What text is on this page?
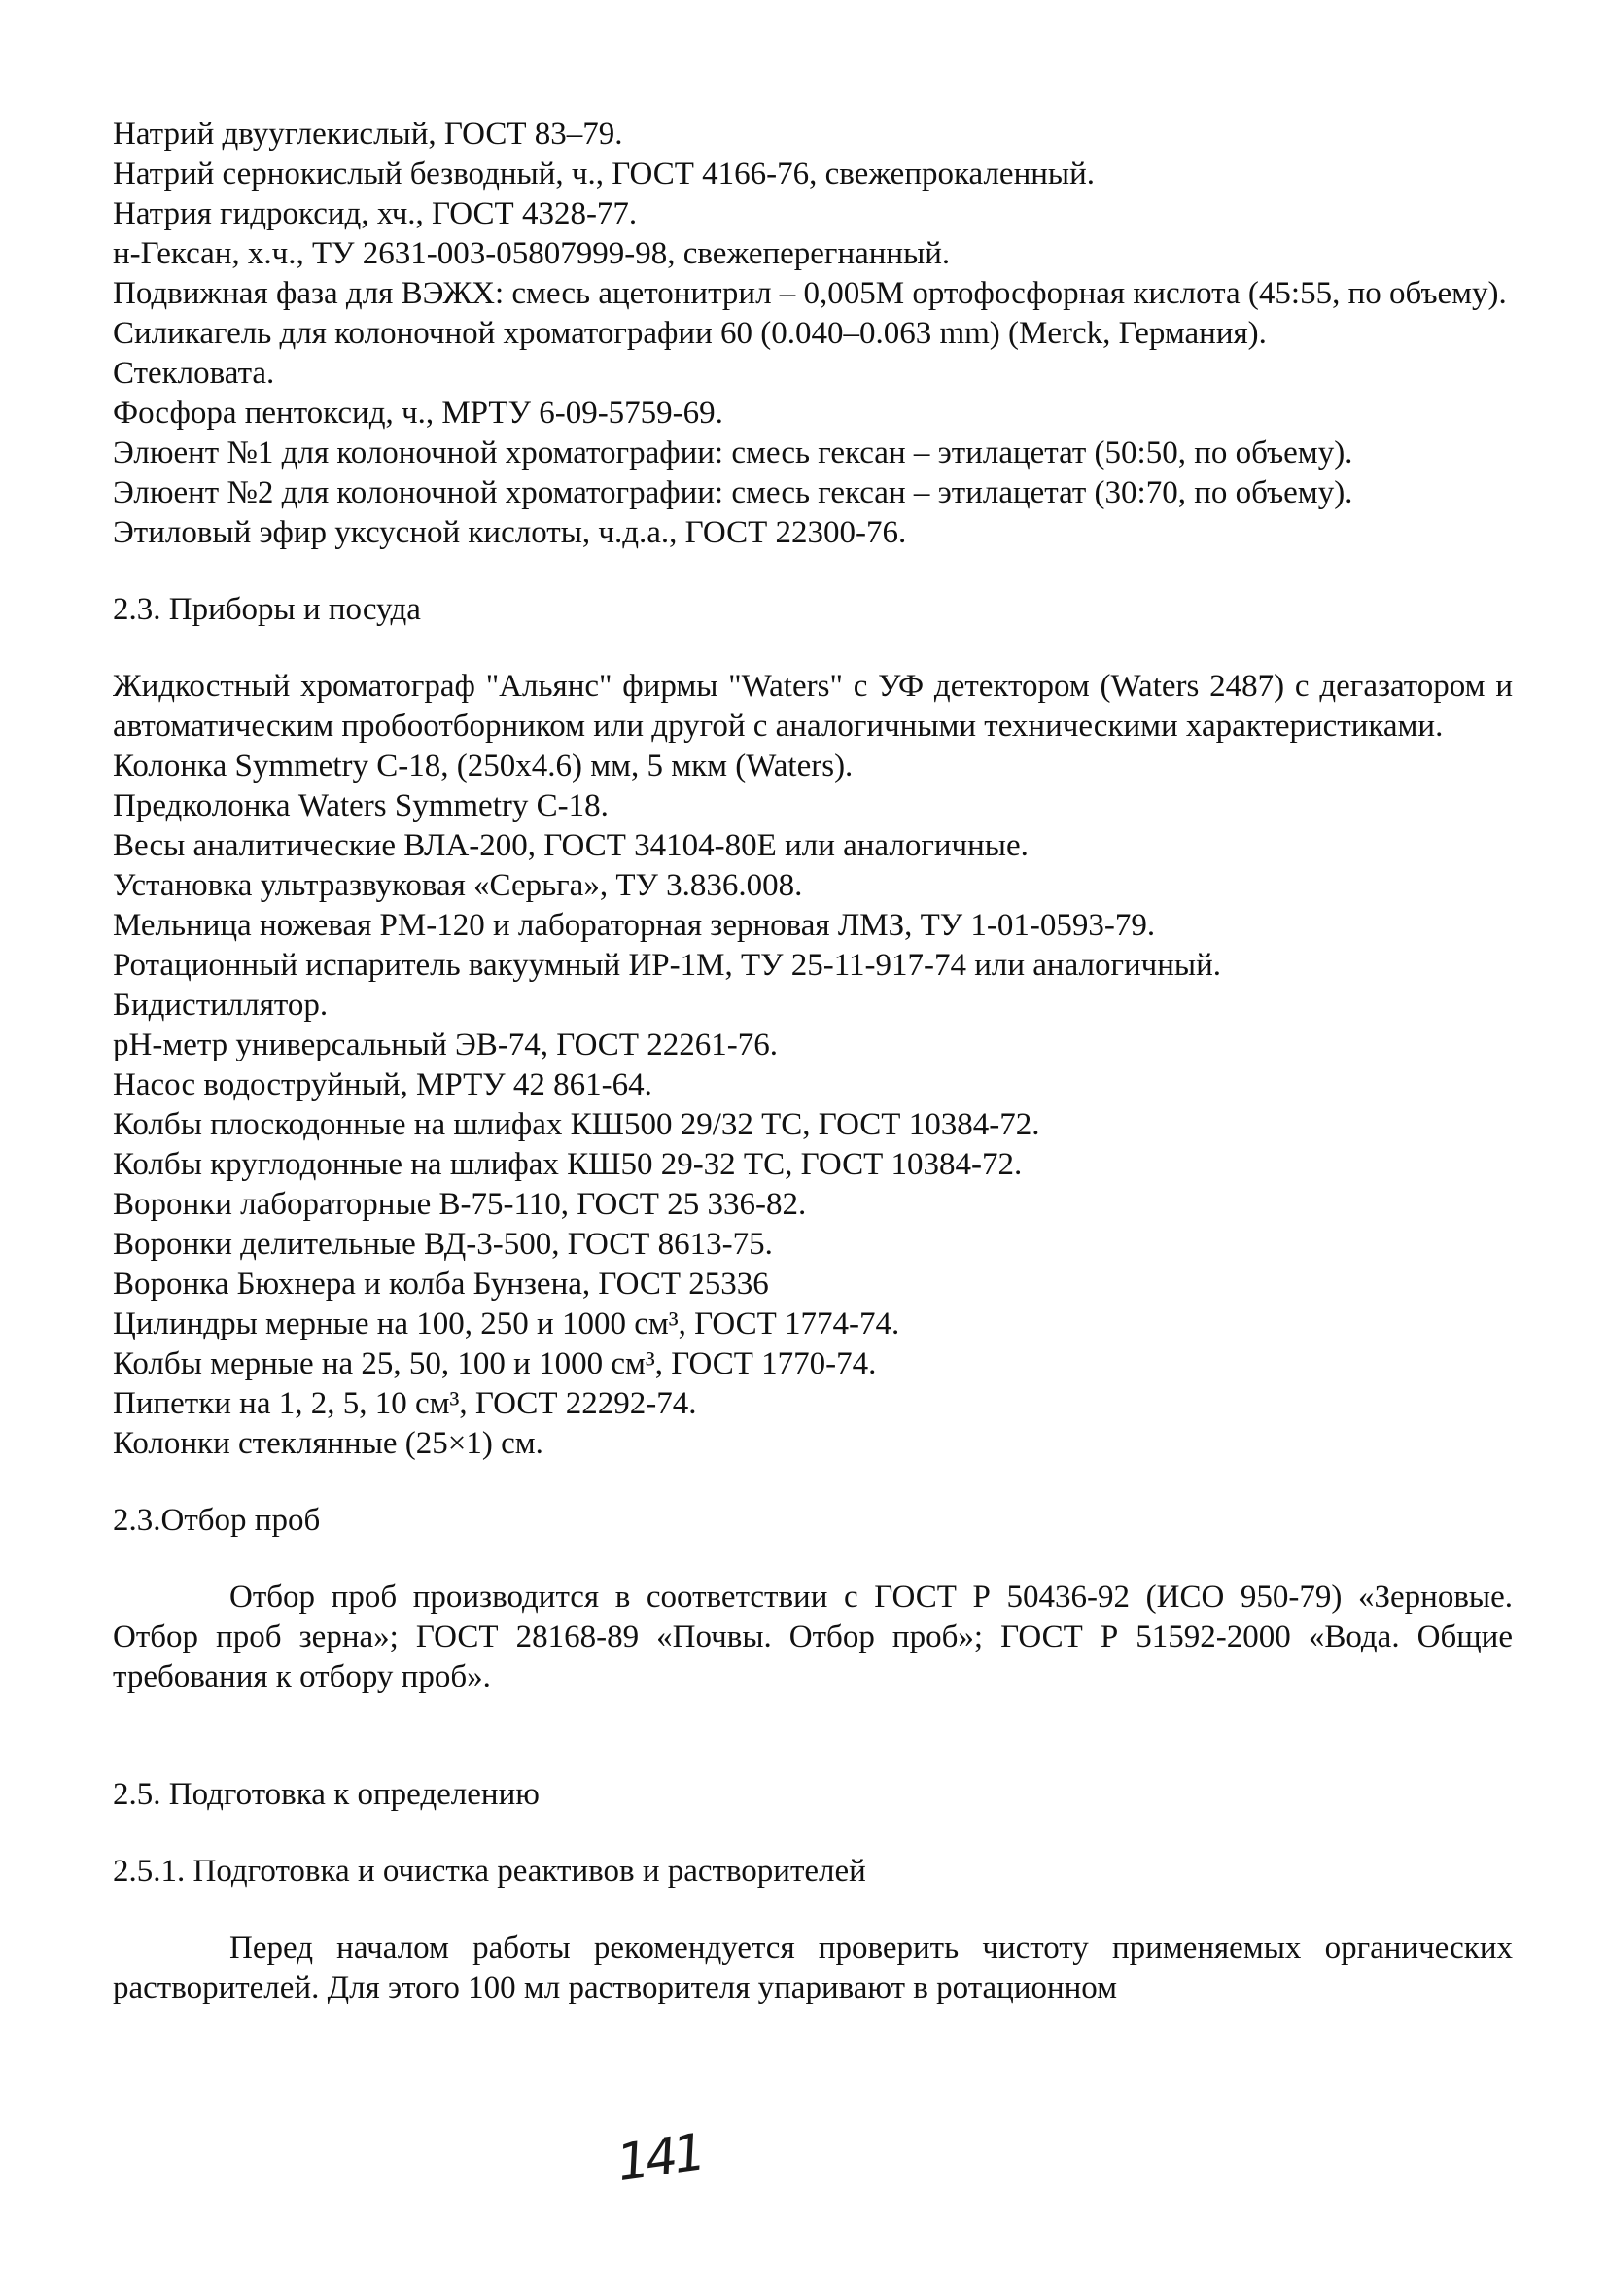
Натрий двууглекислый, ГОСТ 83–79.

Натрий сернокислый безводный, ч., ГОСТ 4166-76, свежепрокаленный.

Натрия гидроксид, хч., ГОСТ 4328-77.

н-Гексан, х.ч., ТУ 2631-003-05807999-98, свежеперегнанный.

Подвижная фаза для ВЭЖХ: смесь ацетонитрил – 0,005М ортофосфорная кислота (45:55, по объему).

Силикагель для колоночной хроматографии 60 (0.040–0.063 mm) (Merck, Германия).

Стекловата.

Фосфора пентоксид, ч., МРТУ 6-09-5759-69.

Элюент №1 для колоночной хроматографии: смесь гексан – этилацетат (50:50, по объему).

Элюент №2 для колоночной хроматографии: смесь гексан – этилацетат (30:70, по объему).

Этиловый эфир уксусной кислоты, ч.д.а., ГОСТ 22300-76.

2.3. Приборы и посуда

Жидкостный хроматограф "Альянс" фирмы "Waters" с УФ детектором (Waters 2487) с дегазатором и автоматическим пробоотборником или другой с аналогичными техническими характеристиками.

Колонка Symmetry C-18, (250x4.6) мм, 5 мкм (Waters).

Предколонка Waters Symmetry C-18.

Весы аналитические ВЛА-200, ГОСТ 34104-80Е или аналогичные.

Установка ультразвуковая «Серьга», ТУ 3.836.008.

Мельница ножевая РМ-120 и лабораторная зерновая ЛМЗ, ТУ 1-01-0593-79.

Ротационный испаритель вакуумный ИР-1М, ТУ 25-11-917-74 или аналогичный.

Бидистиллятор.

рН-метр универсальный ЭВ-74, ГОСТ 22261-76.

Насос водоструйный, МРТУ 42 861-64.

Колбы плоскодонные на шлифах КШ500 29/32 ТС, ГОСТ 10384-72.

Колбы круглодонные на шлифах КШ50 29-32 ТС, ГОСТ 10384-72.

Воронки лабораторные В-75-110, ГОСТ 25 336-82.

Воронки делительные ВД-3-500, ГОСТ 8613-75.

Воронка Бюхнера и колба Бунзена, ГОСТ 25336

Цилиндры мерные на 100, 250 и 1000 см³, ГОСТ 1774-74.

Колбы мерные на 25, 50, 100 и 1000 см³, ГОСТ 1770-74.

Пипетки на 1, 2, 5, 10 см³, ГОСТ 22292-74.

Колонки стеклянные (25×1) см.

2.3.Отбор проб

Отбор проб производится в соответствии с ГОСТ Р 50436-92 (ИСО 950-79) «Зерновые. Отбор проб зерна»; ГОСТ 28168-89 «Почвы. Отбор проб»; ГОСТ Р 51592-2000 «Вода. Общие требования к отбору проб».

2.5. Подготовка к определению

2.5.1. Подготовка и очистка реактивов и растворителей

Перед началом работы рекомендуется проверить чистоту применяемых органических растворителей. Для этого 100 мл растворителя упаривают в ротационном

141
